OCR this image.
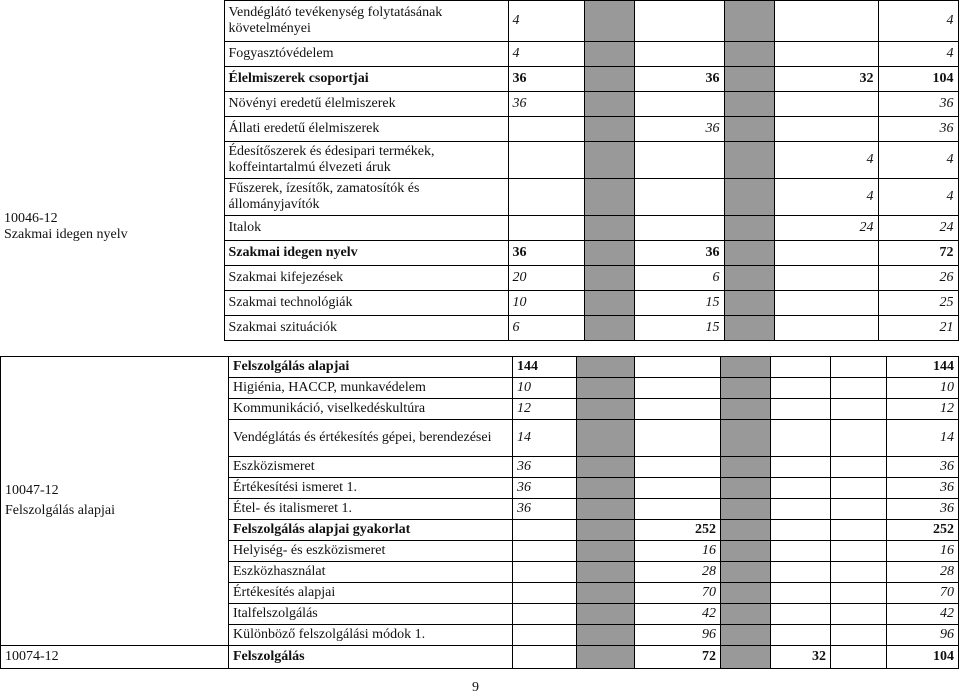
10046-12
Szakmai idegen nyelv	Vendéglátó tevékenység folytatásának követelményei	4					4
	Fogyasztóvédelem	4					4
	Élelmiszerek csoportjai	36		36		32	104
	Növényi eredetű élelmiszerek	36					36
	Állati eredetű élelmiszerek			36			36
	Édesítőszerek és édesipari termékek, koffeintartalmú élvezeti áruk					4	4
	Fűszerek, ízesítők, zamatosítók és állományjavítók					4	4
	Italok					24	24
	Szakmai idegen nyelv	36		36			72
	Szakmai kifejezések	20		6			26
	Szakmai technológiák	10		15			25
	Szakmai szituációk	6		15			21
10047-12
Felszolgálás alapjai	Felszolgálás alapjai	144						144
	Higiénia, HACCP, munkavédelem	10						10
	Kommunikáció, viselkedéskultúra	12						12
	Vendéglátás és értékesítés gépei, berendezései	14						14
	Eszközismeret	36						36
	Értékesítési ismeret 1.	36						36
	Étel- és italismeret 1.	36						36
	Felszolgálás alapjai gyakorlat			252				252
	Helyiség- és eszközismeret			16				16
	Eszközhasználat			28				28
	Értékesítés alapjai			70				70
	Italfelszolgálás			42				42
	Különböző felszolgálási módok 1.			96				96
10074-12	Felszolgálás			72		32		104
9
